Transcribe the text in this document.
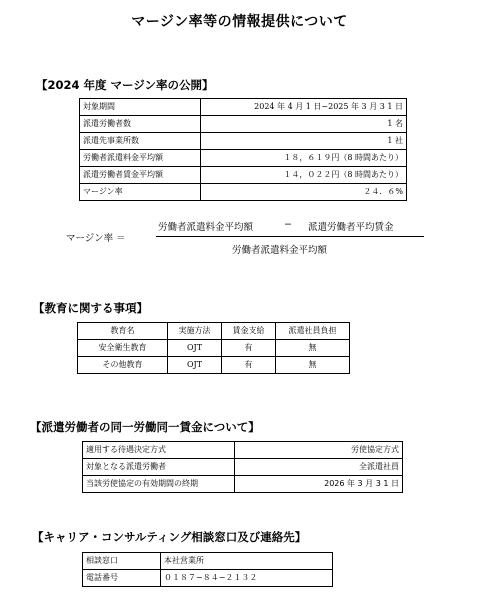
マージン率等の情報提供について
【2024 年度 マージン率の公開】
対象期間	2024 年 4 月 1 日~2025 年 3 月 3 1 日
派遣労働者数	1 名
派遣先事業所数	1 社
労働者派遣料金平均額	１８，６１９円（8 時間あたり）
派遣労働者賃金平均額	１４，０２２円（8 時間あたり）
マージン率	２４．６%
マージン率 ＝
労働者派遣料金平均額	− 派遣労働者平均賃金
労働者派遣料金平均額
【教育に関する事項】
教育名	実施方法	賃金支給	派遣社員負担
安全衛生教育	OJT	有	無
その他教育	OJT	有	無
【派遣労働者の同一労働同一賃金について】
適用する待遇決定方式	労使協定方式
対象となる派遣労働者	全派遣社員
当該労使協定の有効期間の終期	2026 年 3 月 3 1 日
【キャリア・コンサルティング相談窓口及び連絡先】
相談窓口	本社営業所
電話番号	０１８７−８４−２１３２
